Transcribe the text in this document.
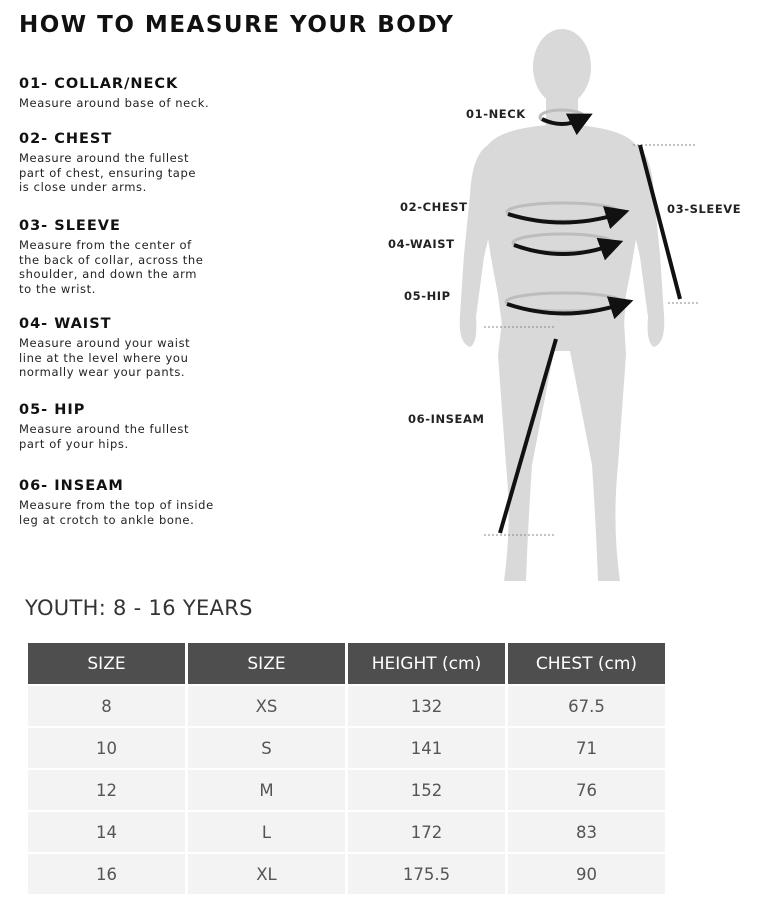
HOW TO MEASURE YOUR BODY

01- COLLAR/NECK

Measure around base of neck.

02- CHEST

Measure around the fullest
part of chest, ensuring tape
is close under arms.

03- SLEEVE

Measure from the center of
the back of collar, across the
shoulder, and down the arm
to the wrist.

04- WAIST

Measure around your waist
line at the level where you
normally wear your pants.

05- HIP

Measure around the fullest
part of your hips.

06- INSEAM

Measure from the top of inside
leg at crotch to ankle bone.

01-NECK
02-CHEST	03-SLEEVE
04-WAIST
05-HIP
06-INSEAM
YOUTH: 8 - 16 YEARS
SIZE	SIZE	HEIGHT (cm)	CHEST (cm)
8	XS	132	67.5
10	S	141	71
12	M	152	76
14	L	172	83
16	XL	175.5	90
